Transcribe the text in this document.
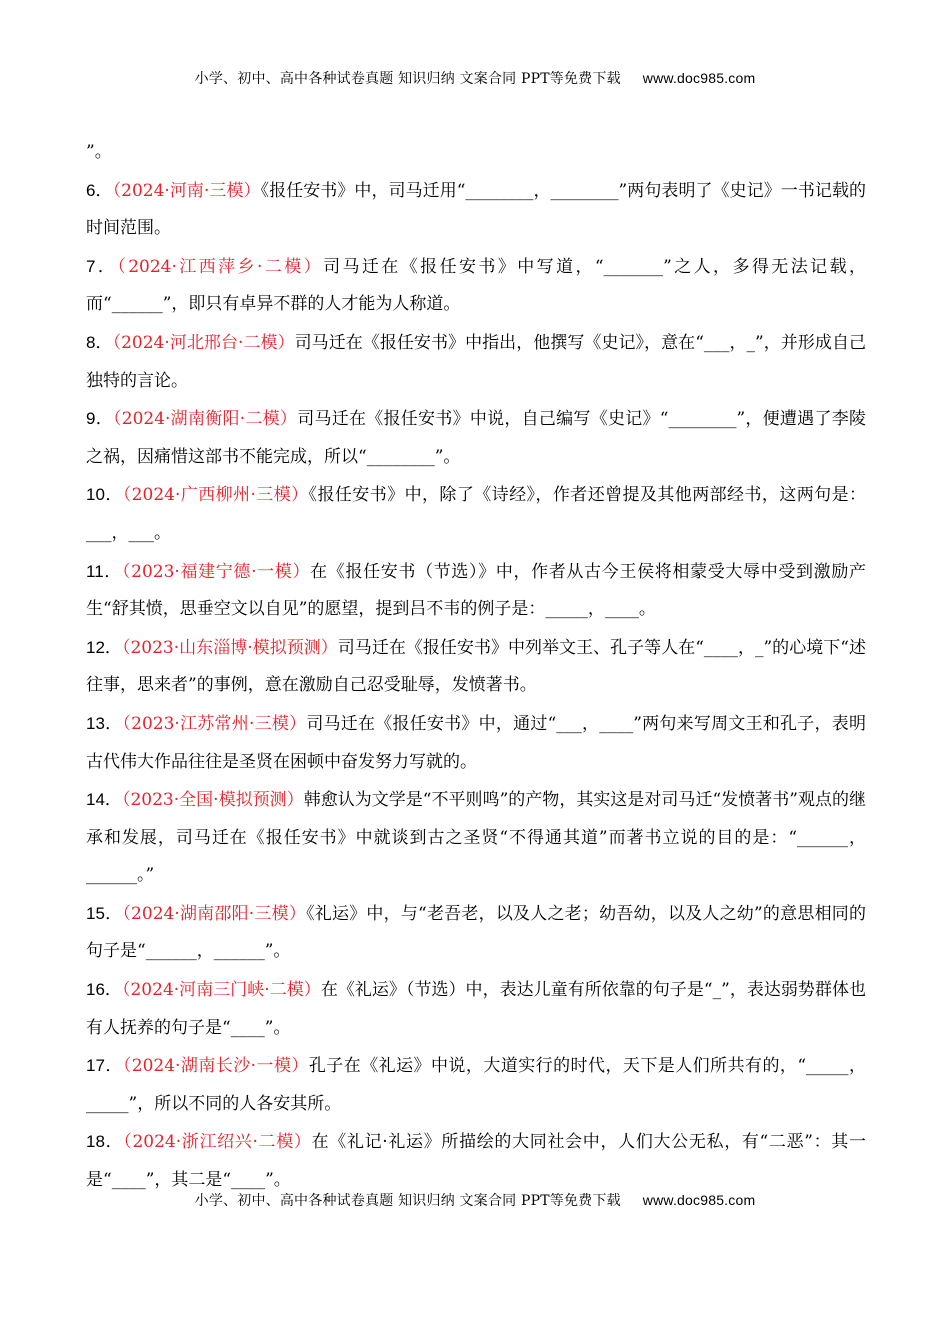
小学、初中、高中各种试卷真题 知识归纳 文案合同 PPT等免费下载 www.doc985.com

”。

6．（2024·河南·三模）《报任安书》中，司马迁用“________，________”两句表明了《史记》一书记载的时间范围。

7．（2024·江西萍乡·二模）司马迁在《报任安书》中写道，“_______”之人，多得无法记载，而“______”，即只有卓异不群的人才能为人称道。

8．（2024·河北邢台·二模）司马迁在《报任安书》中指出，他撰写《史记》，意在“___，_”，并形成自己独特的言论。

9．（2024·湖南衡阳·二模）司马迁在《报任安书》中说，自己编写《史记》“________”，便遭遇了李陵之祸，因痛惜这部书不能完成，所以“________”。

10．（2024·广西柳州·三模）《报任安书》中，除了《诗经》，作者还曾提及其他两部经书，这两句是：___，___。

11．（2023·福建宁德·一模）在《报任安书（节选）》中，作者从古今王侯将相蒙受大辱中受到激励产生“舒其愤，思垂空文以自见”的愿望，提到吕不韦的例子是：_____，____。

12．（2023·山东淄博·模拟预测）司马迁在《报任安书》中列举文王、孔子等人在“____，_”的心境下“述往事，思来者”的事例，意在激励自己忍受耻辱，发愤著书。

13．（2023·江苏常州·三模）司马迁在《报任安书》中，通过“___，____”两句来写周文王和孔子，表明古代伟大作品往往是圣贤在困顿中奋发努力写就的。

14．（2023·全国·模拟预测）韩愈认为文学是“不平则鸣”的产物，其实这是对司马迁“发愤著书”观点的继承和发展，司马迁在《报任安书》中就谈到古之圣贤“不得通其道”而著书立说的目的是：“______，______。”

15．（2024·湖南邵阳·三模）《礼运》中，与“老吾老，以及人之老；幼吾幼，以及人之幼”的意思相同的句子是“______，______”。

16．（2024·河南三门峡·二模）在《礼运》（节选）中，表达儿童有所依靠的句子是“_”，表达弱势群体也有人抚养的句子是“____”。

17．（2024·湖南长沙·一模）孔子在《礼运》中说，大道实行的时代，天下是人们所共有的，“_____，_____”，所以不同的人各安其所。

18．（2024·浙江绍兴·二模）在《礼记·礼运》所描绘的大同社会中，人们大公无私，有“二恶”：其一是“____”，其二是“____”。

小学、初中、高中各种试卷真题 知识归纳 文案合同 PPT等免费下载 www.doc985.com
